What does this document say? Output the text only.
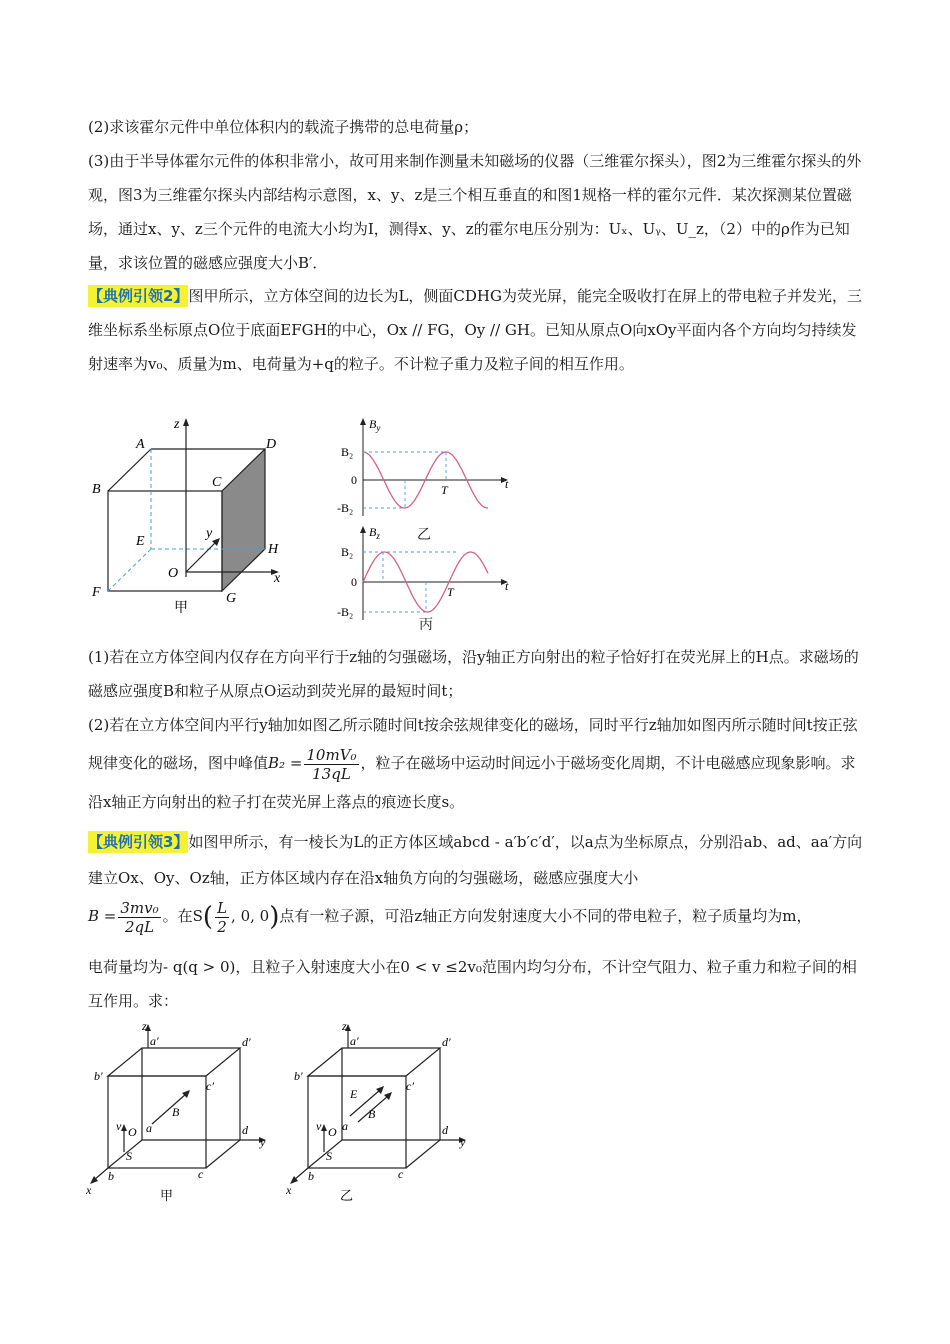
(2)求该霍尔元件中单位体积内的载流子携带的总电荷量ρ；

(3)由于半导体霍尔元件的体积非常小，故可用来制作测量未知磁场的仪器（三维霍尔探头），图2为三维霍尔探头的外观，图3为三维霍尔探头内部结构示意图，x、y、z是三个相互垂直的和图1规格一样的霍尔元件．某次探测某位置磁场，通过x、y、z三个元件的电流大小均为I，测得x、y、z的霍尔电压分别为：Uₓ、Uᵧ、U_z，（2）中的ρ作为已知量，求该位置的磁感应强度大小B′．

【典例引领2】图甲所示，立方体空间的边长为L，侧面CDHG为荧光屏，能完全吸收打在屏上的带电粒子并发光，三维坐标系坐标原点O位于底面EFGH的中心，Ox // FG，Oy // GH。已知从原点O向xOy平面内各个方向均匀持续发射速率为v₀、质量为m、电荷量为+q的粒子。不计粒子重力及粒子间的相互作用。

z
A	D
B	C
E
y
H
O	x
F	G
甲
$B_y$
B₂
0
-B₂
T	t
乙
$B_z$
B₂
0
-B₂
T	t
丙

(1)若在立方体空间内仅存在方向平行于z轴的匀强磁场，沿y轴正方向射出的粒子恰好打在荧光屏上的H点。求磁场的磁感应强度B和粒子从原点O运动到荧光屏的最短时间t；

(2)若在立方体空间内平行y轴加如图乙所示随时间t按余弦规律变化的磁场，同时平行z轴加如图丙所示随时间t按正弦规律变化的磁场，图中峰值$B_2 = \frac{\text{10mV₀}}{13qL}$ ，粒子在磁场中运动时间远小于磁场变化周期，不计电磁感应现象影响。求沿x轴正方向射出的粒子打在荧光屏上落点的痕迹长度s。

【典例引领3】如图甲所示，有一棱长为L的正方体区域abcd - a′b′c′d′，以a点为坐标原点，分别沿ab、ad、aa′方向建立Ox、Oy、Oz轴，正方体区域内存在沿x轴负方向的匀强磁场，磁感应强度大小

$B = \frac{\text{3mv₀}}{2qL}$ 。在$S( \frac{L}{2}$ , 0, 0)点有一粒子源，可沿z轴正方向发射速度大小不同的带电粒子，粒子质量均为m，

电荷量均为- q(q > 0)，且粒子入射速度大小在0 < v ≤2v₀范围内均匀分布，不计空气阻力、粒子重力和粒子间的相互作用。求：

z
a′	d′
b′
c′
B
v O a	d
y
S
b	c
x	甲
z
a′	d′
b′
c′
E
B
v O a	d
y
S
b	c
x	乙
